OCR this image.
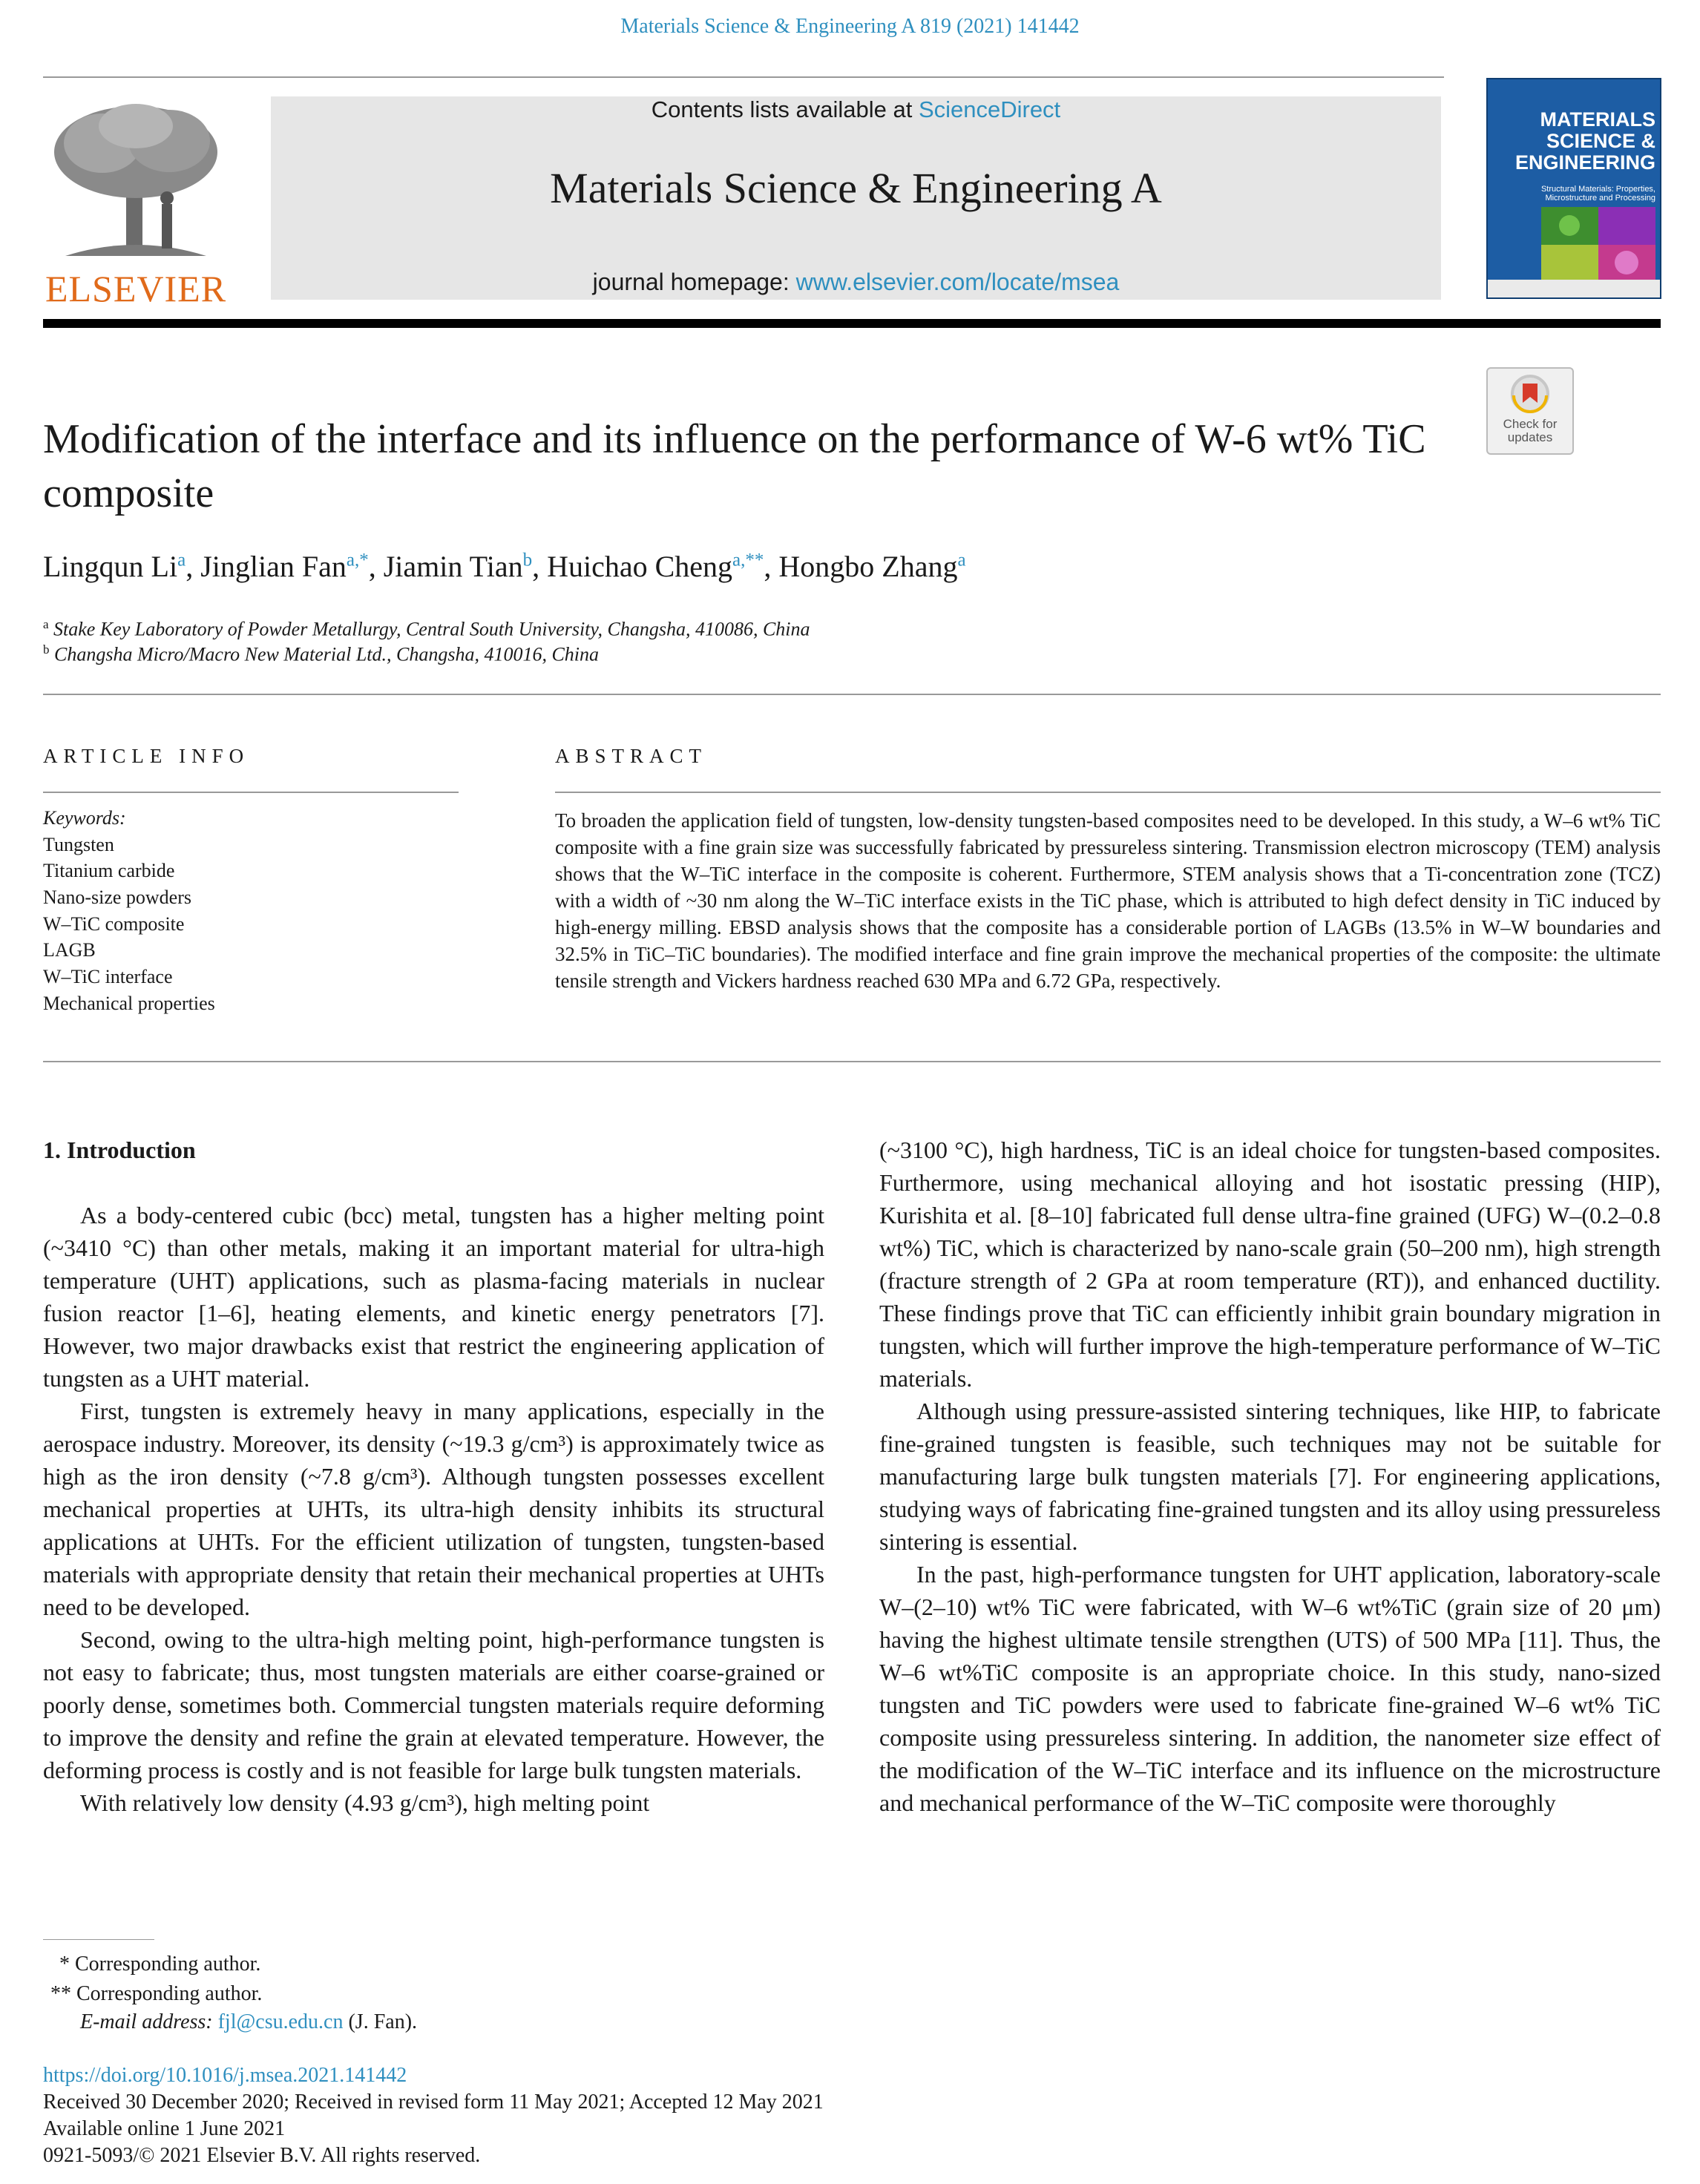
Materials Science & Engineering A 819 (2021) 141442
ELSEVIER
Contents lists available at ScienceDirect
Materials Science & Engineering A
journal homepage: www.elsevier.com/locate/msea
MATERIALS SCIENCE & ENGINEERING
Structural Materials: Properties, Microstructure and Processing
Check for updates
Modification of the interface and its influence on the performance of W-6 wt% TiC composite
Lingqun Li$^a$, Jinglian Fan$^{a,*}$, Jiamin Tian$^b$, Huichao Cheng$^{a,**}$, Hongbo Zhang$^a$
$^a$ Stake Key Laboratory of Powder Metallurgy, Central South University, Changsha, 410086, China
$^b$ Changsha Micro/Macro New Material Ltd., Changsha, 410016, China
ARTICLE INFO
Keywords:
Tungsten
Titanium carbide
Nano-size powders
W–TiC composite
LAGB
W–TiC interface
Mechanical properties
ABSTRACT
To broaden the application field of tungsten, low-density tungsten-based composites need to be developed. In this study, a W–6 wt% TiC composite with a fine grain size was successfully fabricated by pressureless sintering. Transmission electron microscopy (TEM) analysis shows that the W–TiC interface in the composite is coherent. Furthermore, STEM analysis shows that a Ti-concentration zone (TCZ) with a width of ~30 nm along the W–TiC interface exists in the TiC phase, which is attributed to high defect density in TiC induced by high-energy milling. EBSD analysis shows that the composite has a considerable portion of LAGBs (13.5% in W–W boundaries and 32.5% in TiC–TiC boundaries). The modified interface and fine grain improve the mechanical properties of the composite: the ultimate tensile strength and Vickers hardness reached 630 MPa and 6.72 GPa, respectively.
1. Introduction

As a body-centered cubic (bcc) metal, tungsten has a higher melting point (~3410 °C) than other metals, making it an important material for ultra-high temperature (UHT) applications, such as plasma-facing materials in nuclear fusion reactor [1–6], heating elements, and kinetic energy penetrators [7]. However, two major drawbacks exist that restrict the engineering application of tungsten as a UHT material.

First, tungsten is extremely heavy in many applications, especially in the aerospace industry. Moreover, its density (~19.3 g/cm³) is approximately twice as high as the iron density (~7.8 g/cm³). Although tungsten possesses excellent mechanical properties at UHTs, its ultra-high density inhibits its structural applications at UHTs. For the efficient utilization of tungsten, tungsten-based materials with appropriate density that retain their mechanical properties at UHTs need to be developed.

Second, owing to the ultra-high melting point, high-performance tungsten is not easy to fabricate; thus, most tungsten materials are either coarse-grained or poorly dense, sometimes both. Commercial tungsten materials require deforming to improve the density and refine the grain at elevated temperature. However, the deforming process is costly and is not feasible for large bulk tungsten materials.

With relatively low density (4.93 g/cm³), high melting point

(~3100 °C), high hardness, TiC is an ideal choice for tungsten-based composites. Furthermore, using mechanical alloying and hot isostatic pressing (HIP), Kurishita et al. [8–10] fabricated full dense ultra-fine grained (UFG) W–(0.2–0.8 wt%) TiC, which is characterized by nano-scale grain (50–200 nm), high strength (fracture strength of 2 GPa at room temperature (RT)), and enhanced ductility. These findings prove that TiC can efficiently inhibit grain boundary migration in tungsten, which will further improve the high-temperature performance of W–TiC materials.

Although using pressure-assisted sintering techniques, like HIP, to fabricate fine-grained tungsten is feasible, such techniques may not be suitable for manufacturing large bulk tungsten materials [7]. For engineering applications, studying ways of fabricating fine-grained tungsten and its alloy using pressureless sintering is essential.

In the past, high-performance tungsten for UHT application, laboratory-scale W–(2–10) wt% TiC were fabricated, with W–6 wt%TiC (grain size of 20 μm) having the highest ultimate tensile strengthen (UTS) of 500 MPa [11]. Thus, the W–6 wt%TiC composite is an appropriate choice. In this study, nano-sized tungsten and TiC powders were used to fabricate fine-grained W–6 wt% TiC composite using pressureless sintering. In addition, the nanometer size effect of the modification of the W–TiC interface and its influence on the microstructure and mechanical performance of the W–TiC composite were thoroughly

* Corresponding author.
** Corresponding author.
E-mail address: fjl@csu.edu.cn (J. Fan).
https://doi.org/10.1016/j.msea.2021.141442
Received 30 December 2020; Received in revised form 11 May 2021; Accepted 12 May 2021
Available online 1 June 2021
0921-5093/© 2021 Elsevier B.V. All rights reserved.
